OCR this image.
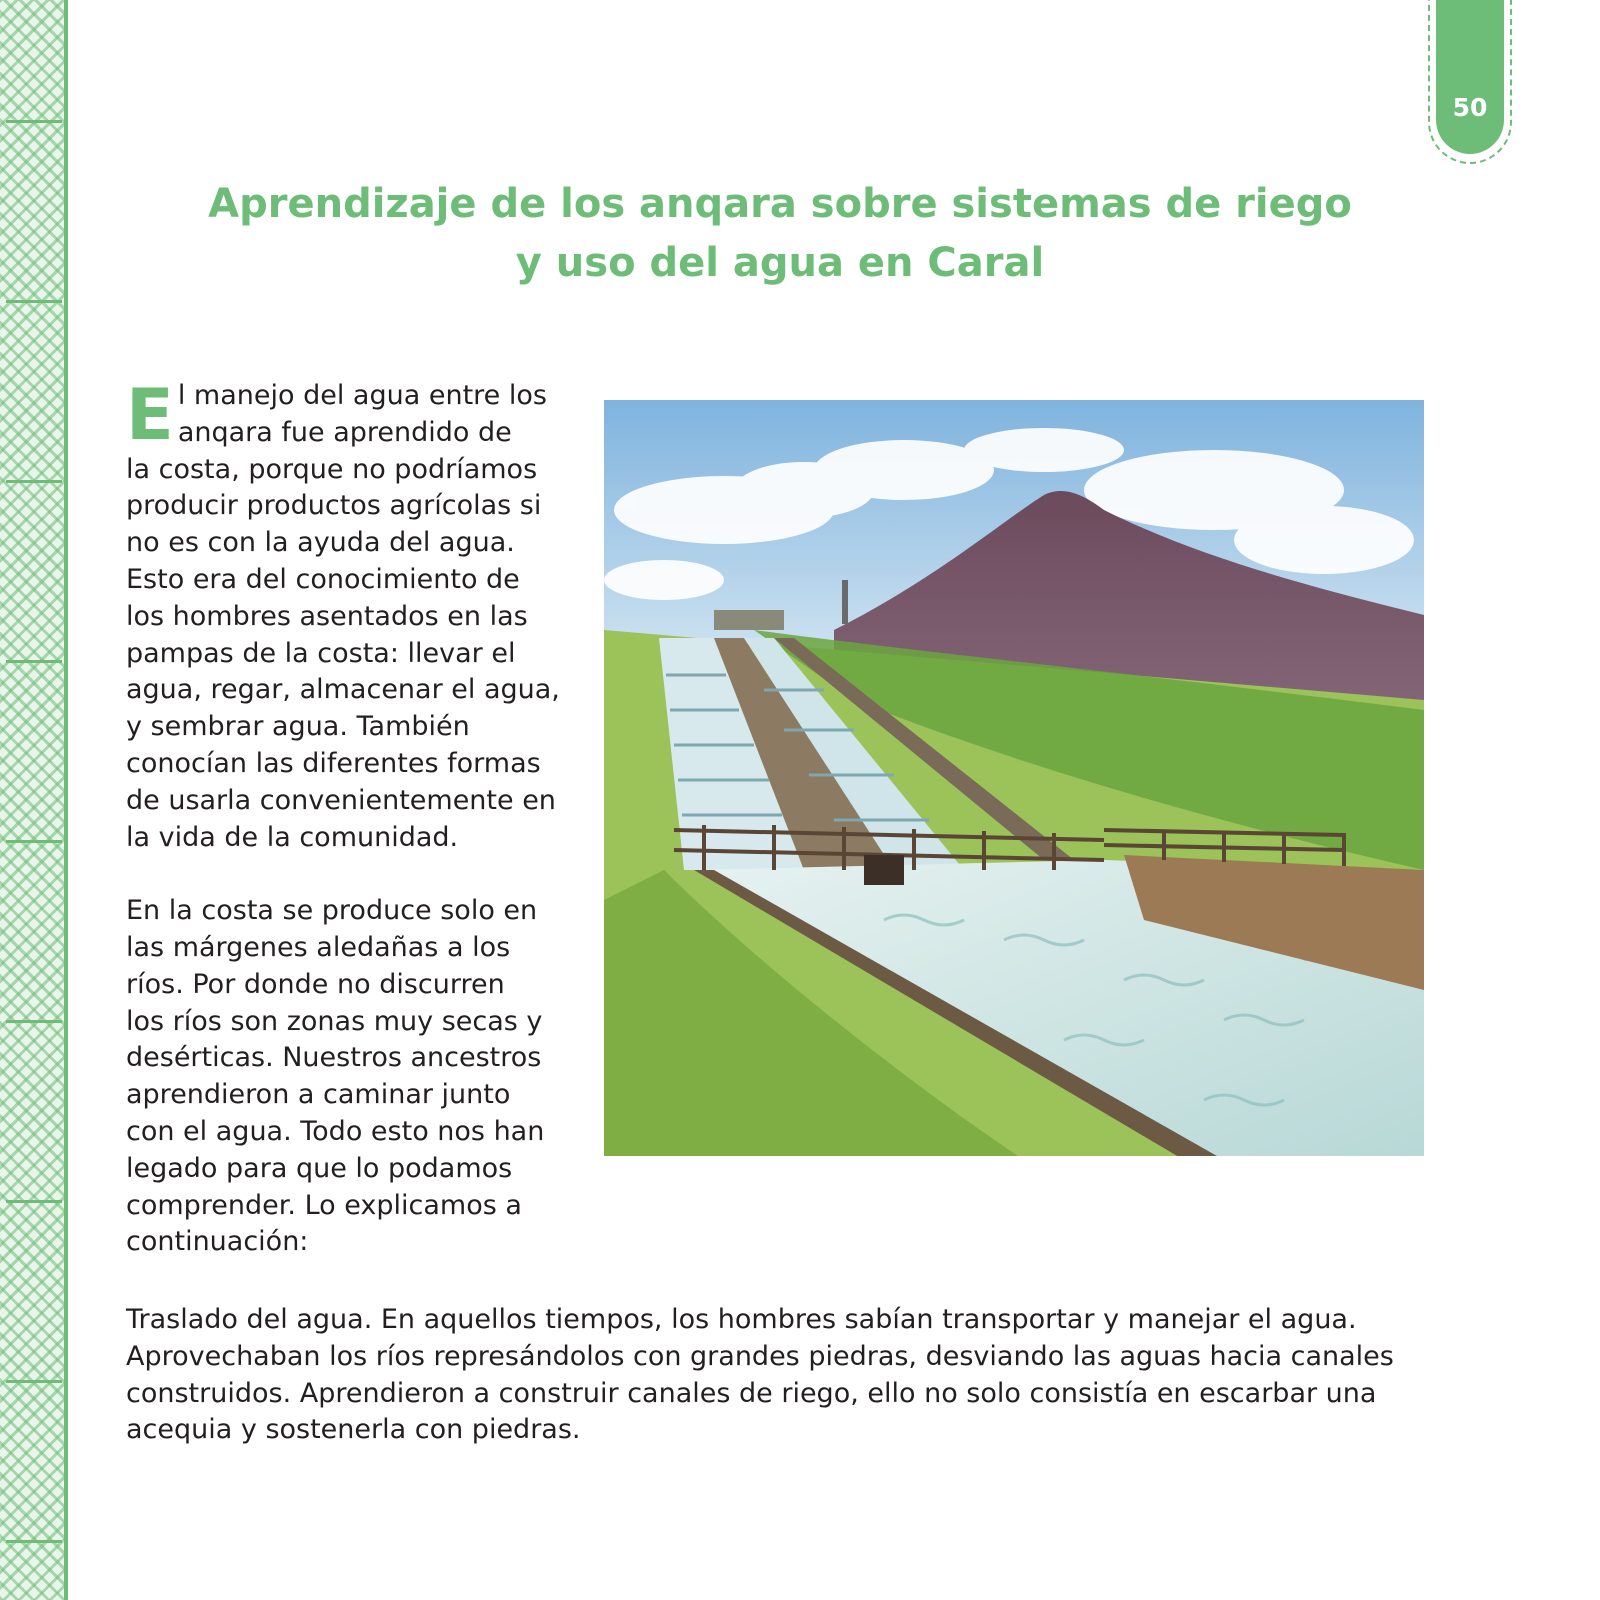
50
Aprendizaje de los anqara sobre sistemas de riego
y uso del agua en Caral
E l manejo del agua entre los

anqara fue aprendido de

la costa, porque no podríamos

producir productos agrícolas si

no es con la ayuda del agua.

Esto era del conocimiento de

los hombres asentados en las

pampas de la costa: llevar el

agua, regar, almacenar el agua,

y sembrar agua. También

conocían las diferentes formas

de usarla convenientemente en

la vida de la comunidad.

En la costa se produce solo en

las márgenes aledañas a los

ríos. Por donde no discurren

los ríos son zonas muy secas y

desérticas. Nuestros ancestros

aprendieron a caminar junto

con el agua. Todo esto nos han

legado para que lo podamos

comprender. Lo explicamos a

continuación:

Traslado del agua. En aquellos tiempos, los hombres sabían transportar y manejar el agua.

Aprovechaban los ríos represándolos con grandes piedras, desviando las aguas hacia canales

construidos. Aprendieron a construir canales de riego, ello no solo consistía en escarbar una

acequia y sostenerla con piedras.
